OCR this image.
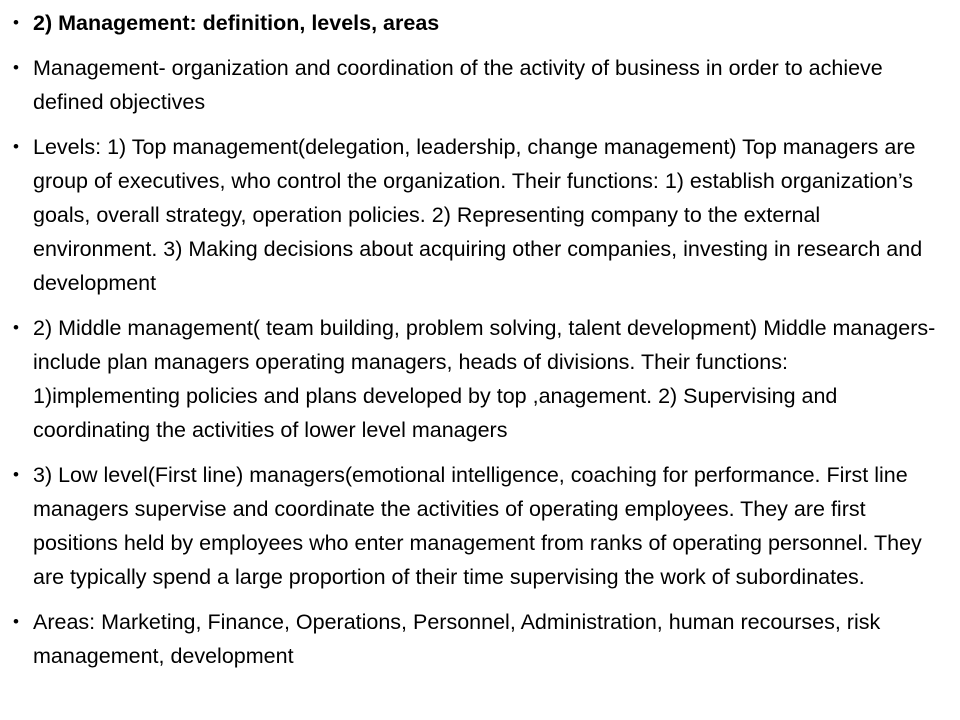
• 2) Management: definition, levels, areas
• Management- organization and coordination of the activity of business in order to achieve defined objectives
• Levels: 1) Top management(delegation, leadership, change management) Top managers are group of executives, who control the organization. Their functions: 1) establish organization’s goals, overall strategy, operation policies. 2) Representing company to the external environment. 3) Making decisions about acquiring other companies, investing in research and development
• 2) Middle management( team building, problem solving, talent development) Middle managers- include plan managers operating managers, heads of divisions. Their functions: 1)implementing policies and plans developed by top ,anagement. 2) Supervising and coordinating the activities of lower level managers
• 3) Low level(First line) managers(emotional intelligence, coaching for performance. First line managers supervise and coordinate the activities of operating employees. They are first positions held by employees who enter management from ranks of operating personnel. They are typically spend a large proportion of their time supervising the work of subordinates.
• Areas: Marketing, Finance, Operations, Personnel, Administration, human recourses, risk management, development
